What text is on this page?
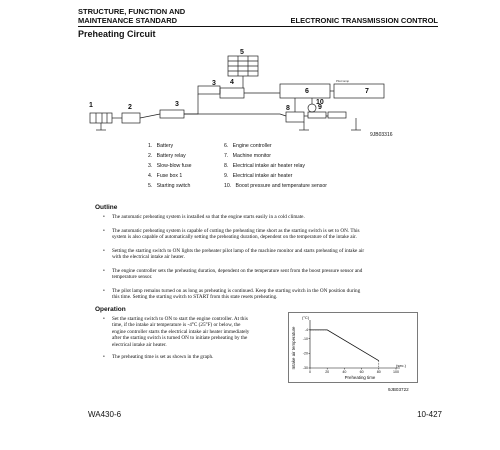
STRUCTURE, FUNCTION AND
MAINTENANCE STANDARD	ELECTRONIC TRANSMISSION CONTROL
Preheating Circuit
1	2
3
3
4
5
6	7
8	9
10
Pilot lamp
9JB03316
1. Battery
2. Battery relay
3. Slow-blow fuse
4. Fuse box 1
5. Starting switch
6. Engine controller
7. Machine monitor
8. Electrical intake air heater relay
9. Electrical intake air heater
10. Boost pressure and temperature sensor
Outline
• The automatic preheating system is installed so that the engine starts easily in a cold climate.
• The automatic preheating system is capable of cutting the preheating time short as the starting switch is set to ON. This
system is also capable of automatically setting the preheating duration, dependent on the temperature of the intake air.
• Setting the starting switch to ON lights the preheater pilot lamp of the machine monitor and starts preheating of intake air
with the electrical intake air heater.
• The engine controller sets the preheating duration, dependent on the temperature sent from the boost pressure sensor and
temperature sensor.
• The pilot lamp remains turned on as long as preheating is continued. Keep the starting switch in the ON position during
this time. Setting the starting switch to START from this state resets preheating.
Operation
• Set the starting switch to ON to start the engine controller. At this
time, if the intake air temperature is -4°C (25°F) or below, the
engine controller starts the electrical intake air heater immediately
after the starting switch is turned ON to initiate preheating by the
electrical intake air heater.
• The preheating time is set as shown in the graph.	Intake air temperature
(°C)
(sec.)
Preheating time
0	20	40	60	80	100
-4
-10
-20
-30
9JB03722
WA430-6	10-427
